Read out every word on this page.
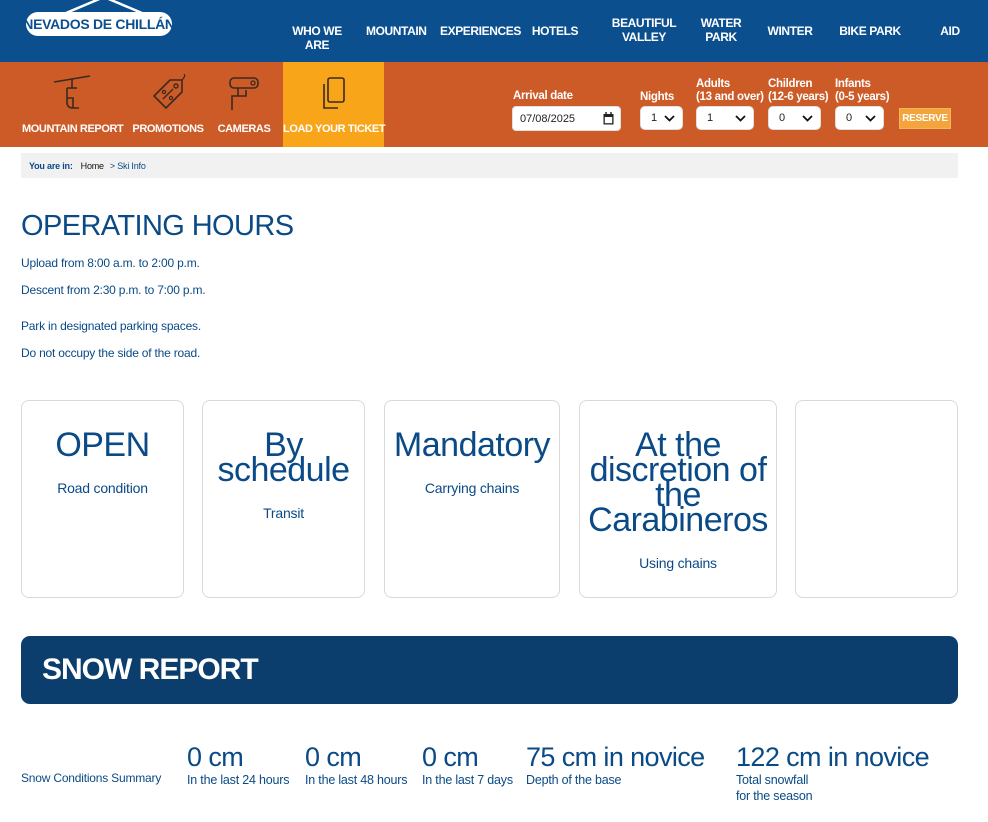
NEVADOS DE CHILLÁN	WHO WE ARE
MOUNTAIN EXPERIENCES HOTELS
BEAUTIFUL
VALLEY
WATER
PARK	WINTER BIKE PARK	AID
MOUNTAIN REPORT PROMOTIONS	CAMERAS	LOAD YOUR TICKET
Arrival date
07/08/2025
Nights
1
Adults
(13 and over)
1
Children
(12-6 years)
0
Infants
(0-5 years)
0	RESERVE
You are in: Home > Ski Info
OPERATING HOURS

Upload from 8:00 a.m. to 2:00 p.m.

Descent from 2:30 p.m. to 7:00 p.m.

Park in designated parking spaces.

Do not occupy the side of the road.

OPEN
Road condition
By schedule
Transit
Mandatory
Carrying chains
At the discretion of the Carabineros
Using chains
SNOW REPORT
Snow Conditions Summary
0 cm
In the last 24 hours
0 cm
In the last 48 hours
0 cm
In the last 7 days
75 cm in novice
Depth of the base
122 cm in novice
Total snowfall
for the season
